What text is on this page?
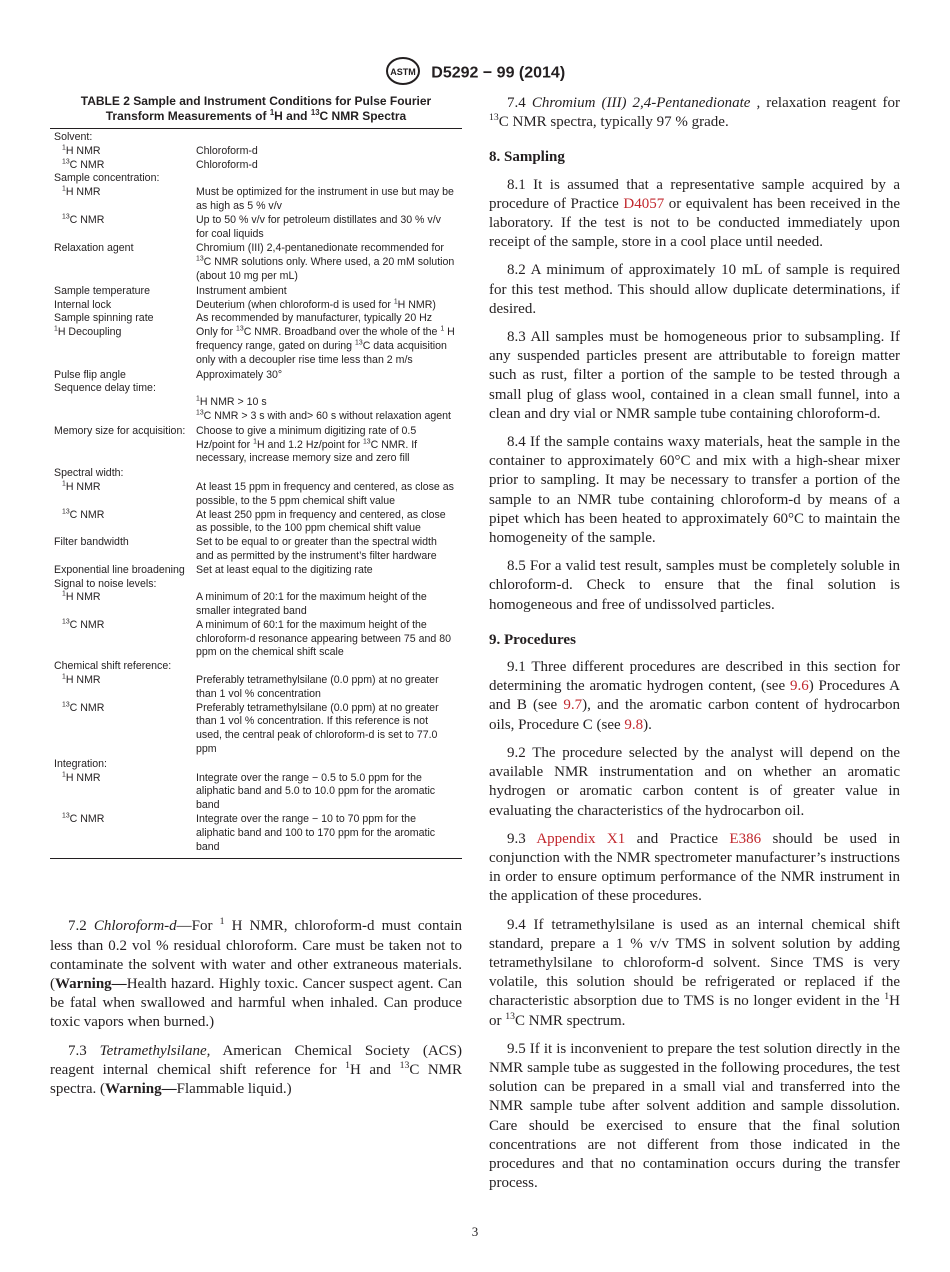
ASTM D5292 − 99 (2014)
TABLE 2 Sample and Instrument Conditions for Pulse Fourier
Transform Measurements of $^1$H and $^{13}$C NMR Spectra
Solvent:
$^1$H NMR	Chloroform-d
$^{13}$C NMR	Chloroform-d
Sample concentration:
$^1$H NMR	Must be optimized for the instrument in use but may be as high as 5 % v/v
$^{13}$C NMR	Up to 50 % v/v for petroleum distillates and 30 % v/v for coal liquids
Relaxation agent	Chromium (III) 2,4-pentanedionate recommended for $^{13}$C NMR solutions only. Where used, a 20 mM solution (about 10 mg per mL)
Sample temperature	Instrument ambient
Internal lock	Deuterium (when chloroform-d is used for $^1$H NMR)
Sample spinning rate	As recommended by manufacturer, typically 20 Hz
$^1$H Decoupling	Only for $^{13}$C NMR. Broadband over the whole of the $^1$ H frequency range, gated on during $^{13}$C data acquisition only with a decoupler rise time less than 2 m/s
Pulse flip angle	Approximately 30°
Sequence delay time:
$^1$H NMR > 10 s
$^{13}$C NMR > 3 s with and> 60 s without relaxation agent
Memory size for acquisition:	Choose to give a minimum digitizing rate of 0.5 Hz/point for $^1$H and 1.2 Hz/point for $^{13}$C NMR. If necessary, increase memory size and zero fill
Spectral width:
$^1$H NMR	At least 15 ppm in frequency and centered, as close as possible, to the 5 ppm chemical shift value
$^{13}$C NMR	At least 250 ppm in frequency and centered, as close as possible, to the 100 ppm chemical shift value
Filter bandwidth	Set to be equal to or greater than the spectral width and as permitted by the instrument’s filter hardware
Exponential line broadening	Set at least equal to the digitizing rate
Signal to noise levels:
$^1$H NMR	A minimum of 20:1 for the maximum height of the smaller integrated band
$^{13}$C NMR	A minimum of 60:1 for the maximum height of the chloroform-d resonance appearing between 75 and 80 ppm on the chemical shift scale
Chemical shift reference:
$^1$H NMR	Preferably tetramethylsilane (0.0 ppm) at no greater than 1 vol % concentration
$^{13}$C NMR	Preferably tetramethylsilane (0.0 ppm) at no greater than 1 vol % concentration. If this reference is not used, the central peak of chloroform-d is set to 77.0 ppm
Integration:
$^1$H NMR	Integrate over the range − 0.5 to 5.0 ppm for the aliphatic band and 5.0 to 10.0 ppm for the aromatic band
$^{13}$C NMR	Integrate over the range − 10 to 70 ppm for the aliphatic band and 100 to 170 ppm for the aromatic band

7.2 Chloroform-d—For $^1$ H NMR, chloroform-d must contain less than 0.2 vol % residual chloroform. Care must be taken not to contaminate the solvent with water and other extraneous materials. (Warning—Health hazard. Highly toxic. Cancer suspect agent. Can be fatal when swallowed and harmful when inhaled. Can produce toxic vapors when burned.)

7.3 Tetramethylsilane, American Chemical Society (ACS) reagent internal chemical shift reference for $^1$H and $^{13}$C NMR spectra. (Warning—Flammable liquid.)

7.4 Chromium (III) 2,4-Pentanedionate , relaxation reagent for $^{13}$C NMR spectra, typically 97 % grade.

8. Sampling

8.1 It is assumed that a representative sample acquired by a procedure of Practice D4057 or equivalent has been received in the laboratory. If the test is not to be conducted immediately upon receipt of the sample, store in a cool place until needed.

8.2 A minimum of approximately 10 mL of sample is required for this test method. This should allow duplicate determinations, if desired.

8.3 All samples must be homogeneous prior to subsampling. If any suspended particles present are attributable to foreign matter such as rust, filter a portion of the sample to be tested through a small plug of glass wool, contained in a clean small funnel, into a clean and dry vial or NMR sample tube containing chloroform-d.

8.4 If the sample contains waxy materials, heat the sample in the container to approximately 60°C and mix with a high-shear mixer prior to sampling. It may be necessary to transfer a portion of the sample to an NMR tube containing chloroform-d by means of a pipet which has been heated to approximately 60°C to maintain the homogeneity of the sample.

8.5 For a valid test result, samples must be completely soluble in chloroform-d. Check to ensure that the final solution is homogeneous and free of undissolved particles.

9. Procedures

9.1 Three different procedures are described in this section for determining the aromatic hydrogen content, (see 9.6) Procedures A and B (see 9.7), and the aromatic carbon content of hydrocarbon oils, Procedure C (see 9.8).

9.2 The procedure selected by the analyst will depend on the available NMR instrumentation and on whether an aromatic hydrogen or aromatic carbon content is of greater value in evaluating the characteristics of the hydrocarbon oil.

9.3 Appendix X1 and Practice E386 should be used in conjunction with the NMR spectrometer manufacturer’s instructions in order to ensure optimum performance of the NMR instrument in the application of these procedures.

9.4 If tetramethylsilane is used as an internal chemical shift standard, prepare a 1 % v/v TMS in solvent solution by adding tetramethylsilane to chloroform-d solvent. Since TMS is very volatile, this solution should be refrigerated or replaced if the characteristic absorption due to TMS is no longer evident in the $^1$H or $^{13}$C NMR spectrum.

9.5 If it is inconvenient to prepare the test solution directly in the NMR sample tube as suggested in the following procedures, the test solution can be prepared in a small vial and transferred into the NMR sample tube after solvent addition and sample dissolution. Care should be exercised to ensure that the final solution concentrations are not different from those indicated in the procedures and that no contamination occurs during the transfer process.

3
